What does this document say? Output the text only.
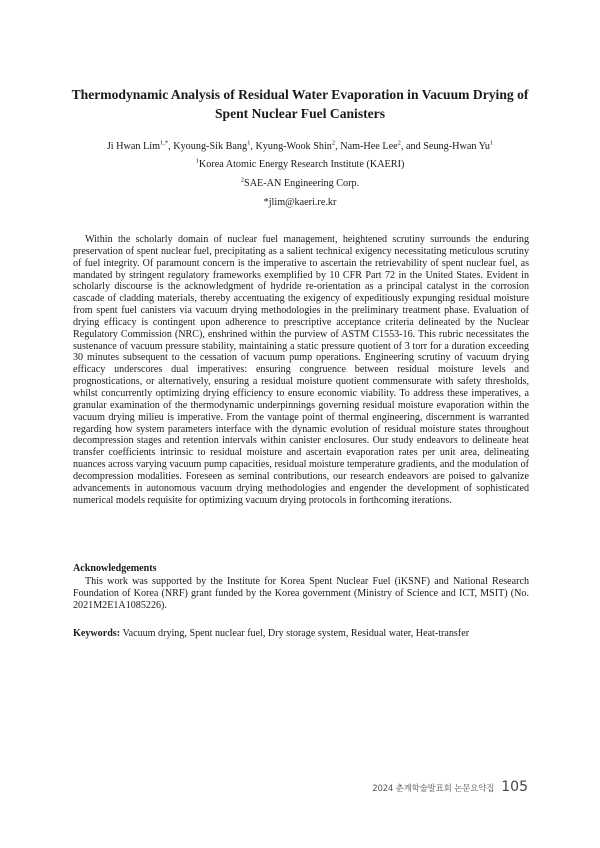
Thermodynamic Analysis of Residual Water Evaporation in Vacuum Drying of Spent Nuclear Fuel Canisters
Ji Hwan Lim$^{1,*}$, Kyoung-Sik Bang$^1$, Kyung-Wook Shin$^2$, Nam-Hee Lee$^2$, and Seung-Hwan Yu$^1$
$^1$Korea Atomic Energy Research Institute (KAERI)
$^2$SAE-AN Engineering Corp.
*jlim@kaeri.re.kr

Within the scholarly domain of nuclear fuel management, heightened scrutiny surrounds the enduring preservation of spent nuclear fuel, precipitating as a salient technical exigency necessitating meticulous scrutiny of fuel integrity. Of paramount concern is the imperative to ascertain the retrievability of spent nuclear fuel, as mandated by stringent regulatory frameworks exemplified by 10 CFR Part 72 in the United States. Evident in scholarly discourse is the acknowledgment of hydride re-orientation as a principal catalyst in the corrosion cascade of cladding materials, thereby accentuating the exigency of expeditiously expunging residual moisture from spent fuel canisters via vacuum drying methodologies in the preliminary treatment phase. Evaluation of drying efficacy is contingent upon adherence to prescriptive acceptance criteria delineated by the Nuclear Regulatory Commission (NRC), enshrined within the purview of ASTM C1553-16. This rubric necessitates the sustenance of vacuum pressure stability, maintaining a static pressure quotient of 3 torr for a duration exceeding 30 minutes subsequent to the cessation of vacuum pump operations. Engineering scrutiny of vacuum drying efficacy underscores dual imperatives: ensuring congruence between residual moisture levels and prognostications, or alternatively, ensuring a residual moisture quotient commensurate with safety thresholds, whilst concurrently optimizing drying efficiency to ensure economic viability. To address these imperatives, a granular examination of the thermodynamic underpinnings governing residual moisture evaporation within the vacuum drying milieu is imperative. From the vantage point of thermal engineering, discernment is warranted regarding how system parameters interface with the dynamic evolution of residual moisture states throughout decompression stages and retention intervals within canister enclosures. Our study endeavors to delineate heat transfer coefficients intrinsic to residual moisture and ascertain evaporation rates per unit area, delineating nuances across varying vacuum pump capacities, residual moisture temperature gradients, and the modulation of decompression modalities. Foreseen as seminal contributions, our research endeavors are poised to galvanize advancements in autonomous vacuum drying methodologies and engender the development of sophisticated numerical models requisite for optimizing vacuum drying protocols in forthcoming iterations.

Acknowledgements

This work was supported by the Institute for Korea Spent Nuclear Fuel (iKSNF) and National Research Foundation of Korea (NRF) grant funded by the Korea government (Ministry of Science and ICT, MSIT) (No. 2021M2E1A1085226).

Keywords: Vacuum drying, Spent nuclear fuel, Dry storage system, Residual water, Heat-transfer
2024 춘계학술발표회 논문요약집 105
